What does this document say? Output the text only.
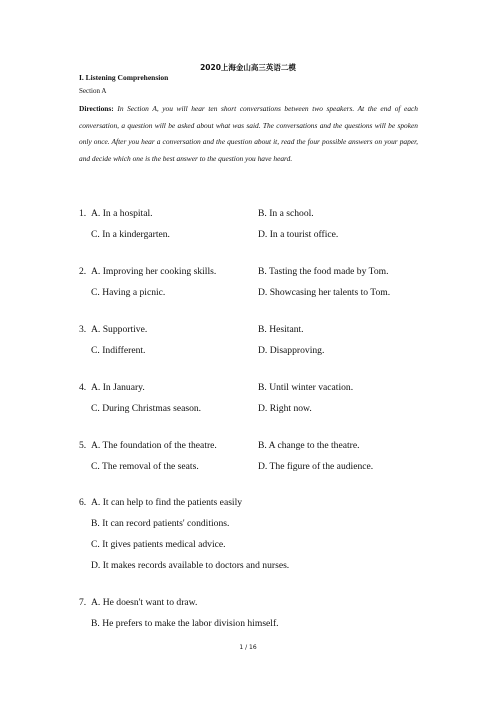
2020上海金山高三英语二模
I. Listening Comprehension
Section A
Directions: In Section A, you will hear ten short conversations between two speakers. At the end of each conversation, a question will be asked about what was said. The conversations and the questions will be spoken only once. After you hear a conversation and the question about it, read the four possible answers on your paper, and decide which one is the best answer to the question you have heard.
1. A. In a hospital.	B. In a school.
C. In a kindergarten.	D. In a tourist office.
2. A. Improving her cooking skills.	B. Tasting the food made by Tom.
C. Having a picnic.	D. Showcasing her talents to Tom.
3. A. Supportive.	B. Hesitant.
C. Indifferent.	D. Disapproving.
4. A. In January.	B. Until winter vacation.
C. During Christmas season.	D. Right now.
5. A. The foundation of the theatre.	B. A change to the theatre.
C. The removal of the seats.	D. The figure of the audience.
6. A. It can help to find the patients easily
B. It can record patients' conditions.
C. It gives patients medical advice.
D. It makes records available to doctors and nurses.
7. A. He doesn't want to draw.
B. He prefers to make the labor division himself.
1 / 16
